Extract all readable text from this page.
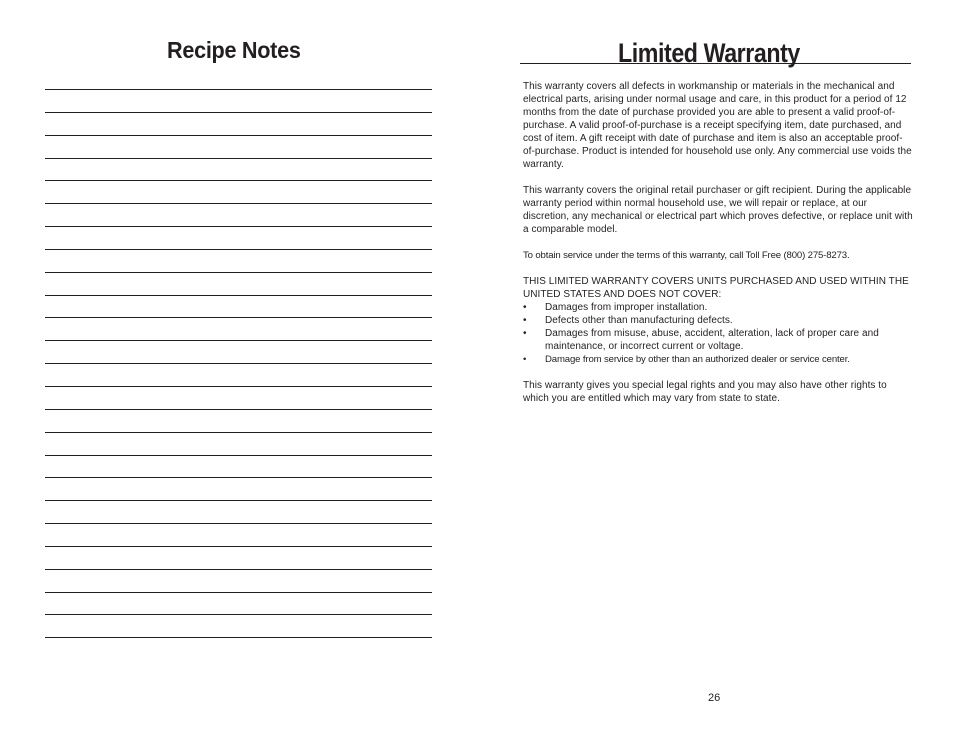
Recipe Notes	Limited Warranty

This warranty covers all defects in workmanship or materials in the mechanical and electrical parts, arising under normal usage and care, in this product for a period of 12 months from the date of purchase provided you are able to present a valid proof-of-purchase. A valid proof-of-purchase is a receipt specifying item, date purchased, and cost of item. A gift receipt with date of purchase and item is also an acceptable proof-of-purchase. Product is intended for household use only. Any commercial use voids the warranty.

This warranty covers the original retail purchaser or gift recipient. During the applicable warranty period within normal household use, we will repair or replace, at our discretion, any mechanical or electrical part which proves defective, or replace unit with a comparable model.

To obtain service under the terms of this warranty, call Toll Free (800) 275-8273.

THIS LIMITED WARRANTY COVERS UNITS PURCHASED AND USED WITHIN THE UNITED STATES AND DOES NOT COVER:
• Damages from improper installation.
• Defects other than manufacturing defects.
• Damages from misuse, abuse, accident, alteration, lack of proper care and maintenance, or incorrect current or voltage.
• Damage from service by other than an authorized dealer or service center.

This warranty gives you special legal rights and you may also have other rights to which you are entitled which may vary from state to state.

26
